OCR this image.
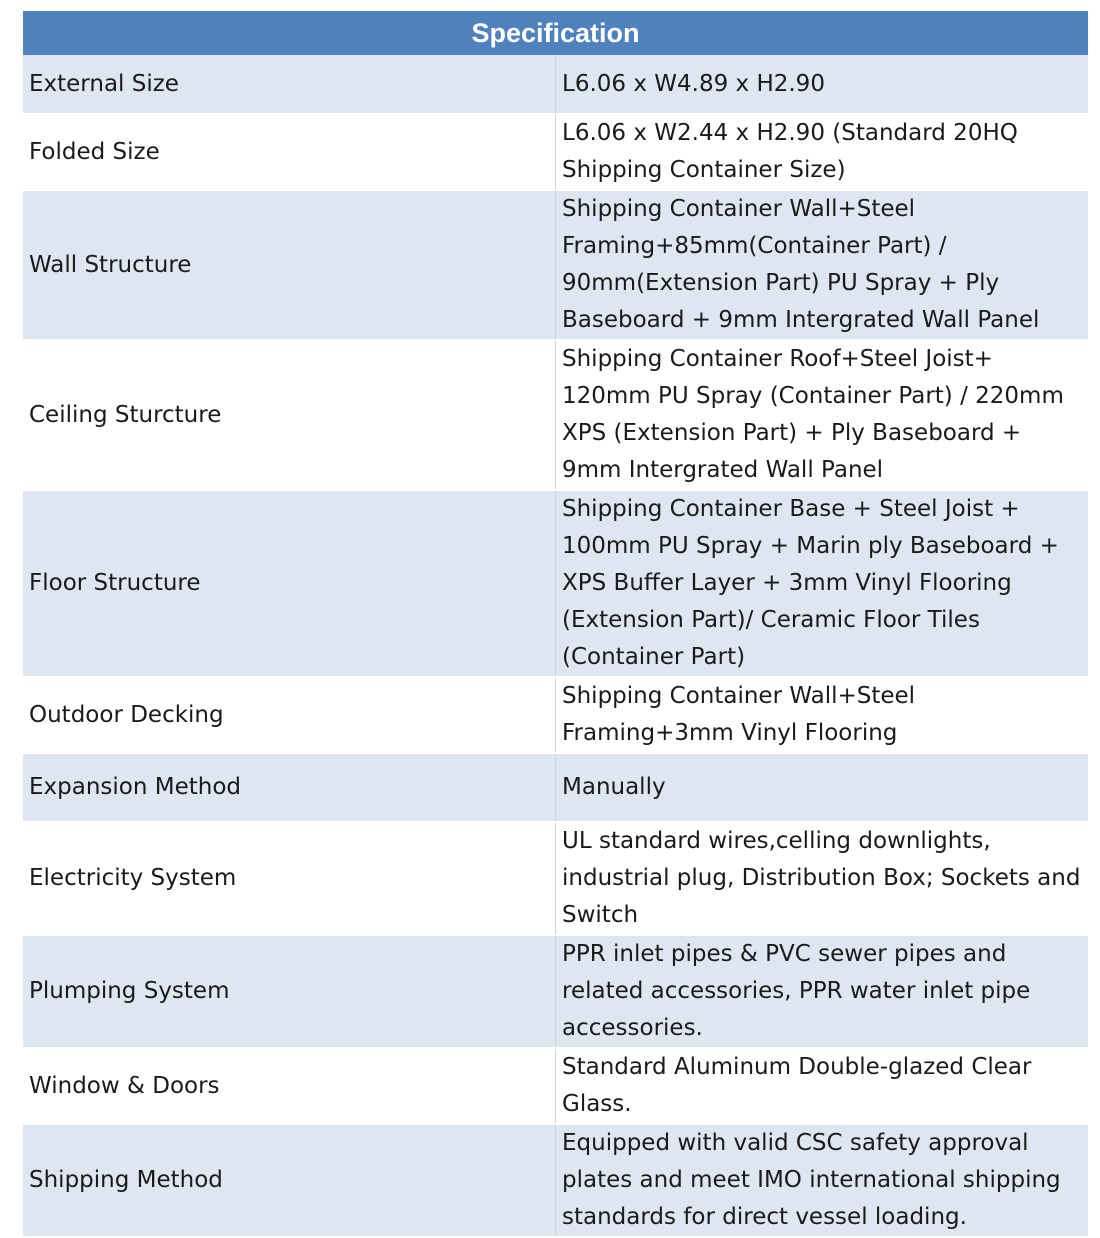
Specification	
External Size	L6.06 x W4.89 x H2.90
Folded Size	L6.06 x W2.44 x H2.90 (Standard 20HQ Shipping Container Size)
Wall Structure	Shipping Container Wall+Steel Framing+85mm(Container Part) / 90mm(Extension Part) PU Spray + Ply Baseboard + 9mm Intergrated Wall Panel
Ceiling Sturcture	Shipping Container Roof+Steel Joist+ 120mm PU Spray (Container Part) / 220mm XPS (Extension Part) + Ply Baseboard + 9mm Intergrated Wall Panel
Floor Structure	Shipping Container Base + Steel Joist + 100mm PU Spray + Marin ply Baseboard + XPS Buffer Layer + 3mm Vinyl Flooring (Extension Part)/ Ceramic Floor Tiles (Container Part)
Outdoor Decking	Shipping Container Wall+Steel Framing+3mm Vinyl Flooring
Expansion Method	Manually
Electricity System	UL standard wires,celling downlights, industrial plug, Distribution Box; Sockets and Switch
Plumping System	PPR inlet pipes & PVC sewer pipes and related accessories, PPR water inlet pipe accessories.
Window & Doors	Standard Aluminum Double-glazed Clear Glass.
Shipping Method	Equipped with valid CSC safety approval plates and meet IMO international shipping standards for direct vessel loading.
